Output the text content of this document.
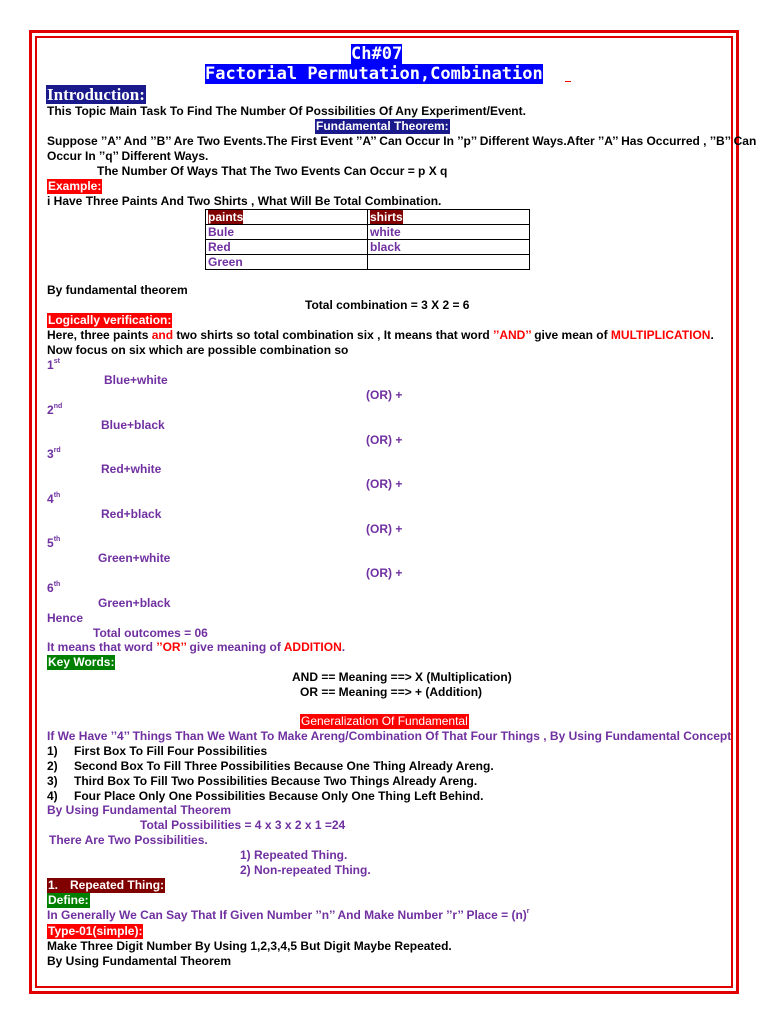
Ch#07
Factorial Permutation,Combination
Introduction:
This Topic Main Task To Find The Number Of Possibilities Of Any Experiment/Event.
Fundamental Theorem:
Suppose ’’A’’ And ’’B’’ Are Two Events.The First Event ’’A’’ Can Occur In ’’p’’ Different Ways.After ’’A’’ Has Occurred , ’’B’’ Can
Occur In ’’q’’ Different Ways.
The Number Of Ways That The Two Events Can Occur = p X q
Example:
i Have Three Paints And Two Shirts , What Will Be Total Combination.
paints	shirts
Bule	white
Red	black
Green	
By fundamental theorem
Total combination = 3 X 2 = 6
Logically verification:
Here, three paints and two shirts so total combination six , It means that word ’’AND’’ give mean of MULTIPLICATION.
Now focus on six which are possible combination so
1st
Blue+white
(OR) +
2nd
Blue+black
(OR) +
3rd
Red+white
(OR) +
4th
Red+black
(OR) +
5th
Green+white
(OR) +
6th
Green+black
Hence
Total outcomes = 06
It means that word ’’OR’’ give meaning of ADDITION.
Key Words:
AND == Meaning ==> X (Multiplication)
OR == Meaning ==> + (Addition)
Generalization Of Fundamental
If We Have ’’4’’ Things Than We Want To Make Areng/Combination Of That Four Things , By Using Fundamental Concept
1) First Box To Fill Four Possibilities
2) Second Box To Fill Three Possibilities Because One Thing Already Areng.
3) Third Box To Fill Two Possibilities Because Two Things Already Areng.
4) Four Place Only One Possibilities Because Only One Thing Left Behind.
By Using Fundamental Theorem
Total Possibilities = 4 x 3 x 2 x 1 =24
There Are Two Possibilities.
1) Repeated Thing.
2) Non-repeated Thing.
1. Repeated Thing:
Define:
In Generally We Can Say That If Given Number ’’n’’ And Make Number ’’r’’ Place = $(n)^r$
Type-01(simple):
Make Three Digit Number By Using 1,2,3,4,5 But Digit Maybe Repeated.
By Using Fundamental Theorem
